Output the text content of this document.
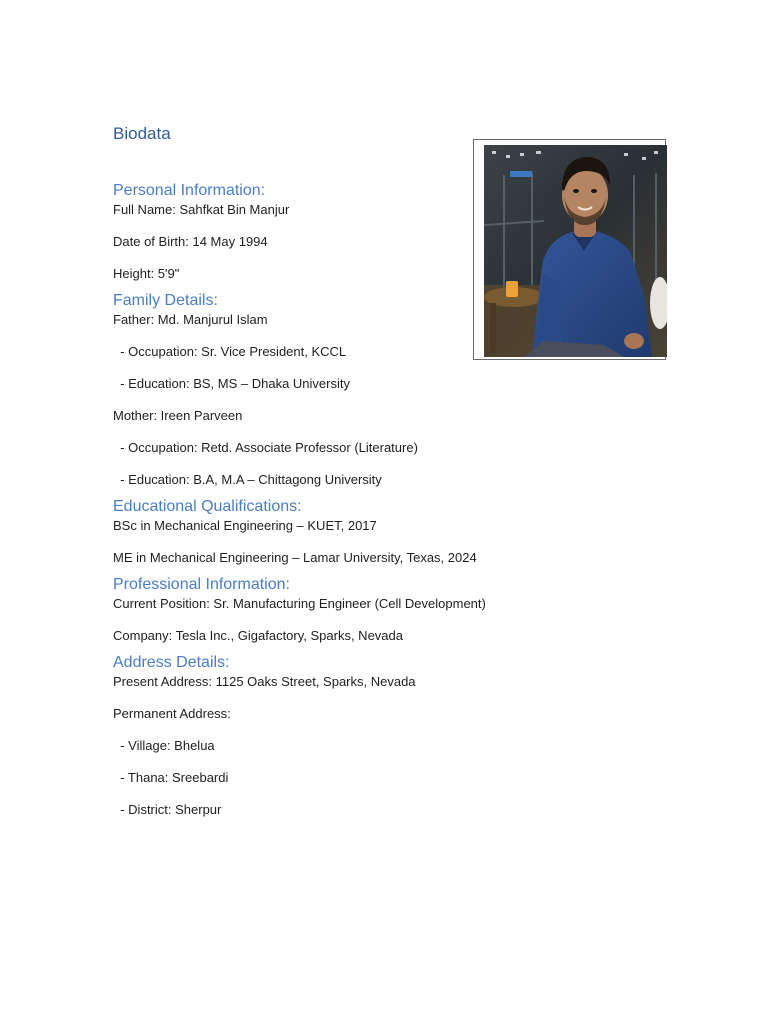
Biodata
Personal Information:

Full Name: Sahfkat Bin Manjur

Date of Birth: 14 May 1994

Height: 5'9"

Family Details:

Father: Md. Manjurul Islam

- Occupation: Sr. Vice President, KCCL

- Education: BS, MS – Dhaka University

Mother: Ireen Parveen

- Occupation: Retd. Associate Professor (Literature)

- Education: B.A, M.A – Chittagong University

Educational Qualifications:

BSc in Mechanical Engineering – KUET, 2017

ME in Mechanical Engineering – Lamar University, Texas, 2024

Professional Information:

Current Position: Sr. Manufacturing Engineer (Cell Development)

Company: Tesla Inc., Gigafactory, Sparks, Nevada

Address Details:

Present Address: 1125 Oaks Street, Sparks, Nevada

Permanent Address:

- Village: Bhelua

- Thana: Sreebardi

- District: Sherpur
